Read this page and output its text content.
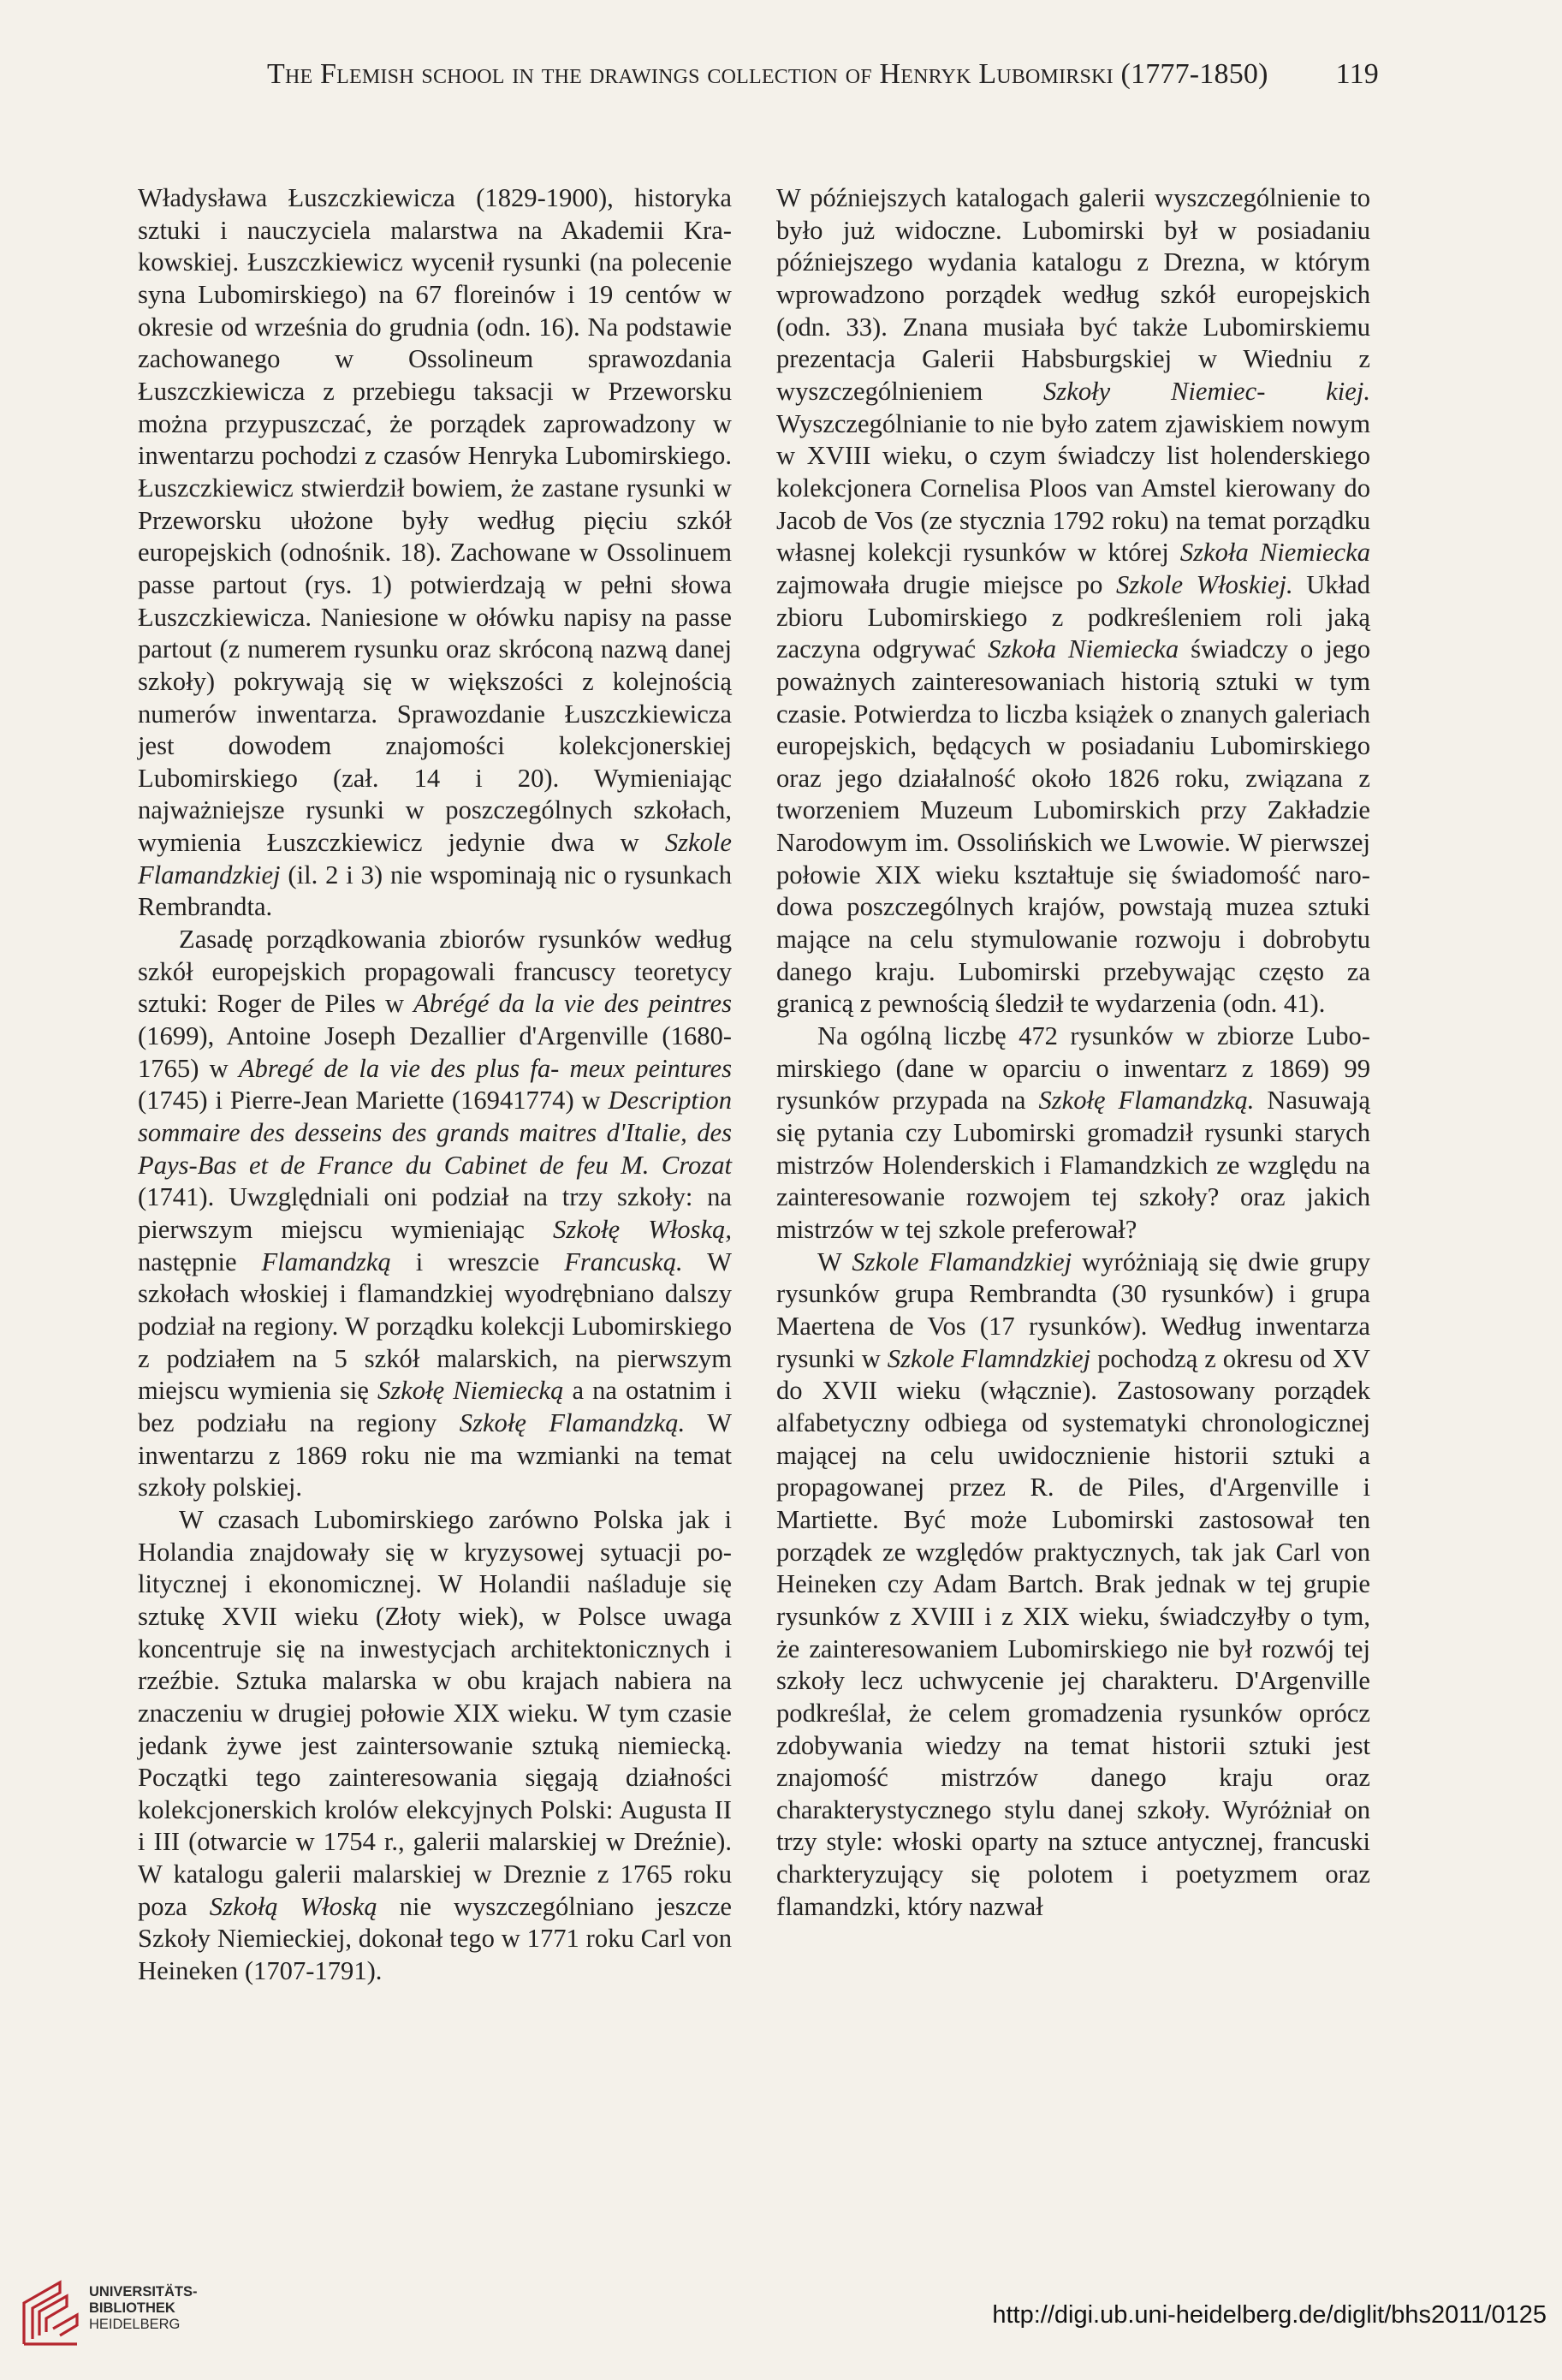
The Flemish school in the drawings collection of Henryk Lubomirski (1777-1850) 119

Władysława Łuszczkiewicza (1829-1900), historyka sztuki i nauczyciela malarstwa na Akademii Krakowskiej. Łuszczkiewicz wycenił rysunki (na polecenie syna Lubomirskiego) na 67 floreinów i 19 centów w okresie od września do grudnia (odn. 16). Na podstawie zachowanego w Ossolineum sprawozdania Łuszczkiewicza z przebiegu taksacji w Przeworsku można przypuszczać, że porządek zaprowadzony w inwentarzu pochodzi z czasów Henryka Lubomirskiego. Łuszczkiewicz stwierdził bowiem, że zastane rysunki w Przeworsku ułożone były według pięciu szkół europejskich (odnośnik. 18). Zachowane w Ossolinuem passe partout (rys. 1) potwierdzają w pełni słowa Łuszczkiewicza. Naniesione w ołówku napisy na passe partout (z numerem rysunku oraz skróconą nazwą danej szkoły) pokrywają się w większości z kolejnością numerów inwentarza. Sprawozdanie Łuszczkiewicza jest dowodem znajomości kolekcjonerskiej Lubomirskiego (zał. 14 i 20). Wymieniając najważniejsze rysunki w poszczególnych szkołach, wymienia Łuszczkiewicz jedynie dwa w Szkole Flamandzkiej (il. 2 i 3) nie wspominają nic o rysunkach Rembrandta.

Zasadę porządkowania zbiorów rysunków według szkół europejskich propagowali francuscy teoretycy sztuki: Roger de Piles w Abrégé da la vie des peintres (1699), Antoine Joseph Dezallier d'Argenville (1680-1765) w Abregé de la vie des plus fa- meux peintures (1745) i Pierre-Jean Mariette (16941774) w Description sommaire des desseins des grands maitres d'Italie, des Pays-Bas et de France du Cabinet de feu M. Crozat (1741). Uwzględniali oni podział na trzy szkoły: na pierwszym miejscu wymieniając Szkołę Włoską, następnie Flamandzką i wreszcie Francuską. W szkołach włoskiej i flamandzkiej wyodrębniano dalszy podział na regiony. W porządku kolekcji Lubomirskiego z podziałem na 5 szkół malarskich, na pierwszym miejscu wymienia się Szkołę Niemiecką a na ostatnim i bez podziału na regiony Szkołę Flamandzką. W inwentarzu z 1869 roku nie ma wzmianki na temat szkoły polskiej.

W czasach Lubomirskiego zarówno Polska jak i Holandia znajdowały się w kryzysowej sytuacji politycznej i ekonomicznej. W Holandii naśladuje się sztukę XVII wieku (Złoty wiek), w Polsce uwaga koncentruje się na inwestycjach architektonicznych i rzeźbie. Sztuka malarska w obu krajach nabiera na znaczeniu w drugiej połowie XIX wieku. W tym czasie jedank żywe jest zaintersowanie sztuką niemiecką. Początki tego zainteresowania sięgają działności kolekcjonerskich krolów elekcyjnych Polski: Augusta II i III (otwarcie w 1754 r., galerii malarskiej w Dreźnie). W katalogu galerii malarskiej w Dreznie z 1765 roku poza Szkołą Włoską nie wyszczególniano jeszcze Szkoły Niemieckiej, dokonał tego w 1771 roku Carl von Heineken (1707-1791).

W późniejszych katalogach galerii wyszczególnienie to było już widoczne. Lubomirski był w posiadaniu późniejszego wydania katalogu z Drezna, w którym wprowadzono porządek według szkół europejskich (odn. 33). Znana musiała być także Lubomirskiemu prezentacja Galerii Habsburgskiej w Wiedniu z wyszczególnieniem Szkoły Niemiec- kiej. Wyszczególnianie to nie było zatem zjawiskiem nowym w XVIII wieku, o czym świadczy list holenderskiego kolekcjonera Cornelisa Ploos van Amstel kierowany do Jacob de Vos (ze stycznia 1792 roku) na temat porządku własnej kolekcji rysunków w której Szkoła Niemiecka zajmowała drugie miejsce po Szkole Włoskiej. Układ zbioru Lubomirskiego z podkreśleniem roli jaką zaczyna odgrywać Szkoła Niemiecka świadczy o jego poważnych zainteresowaniach historią sztuki w tym czasie. Potwierdza to liczba książek o znanych galeriach europejskich, będących w posiadaniu Lubomirskiego oraz jego działalność około 1826 roku, związana z tworzeniem Muzeum Lubomirskich przy Zakładzie Narodowym im. Ossolińskich we Lwowie. W pierwszej połowie XIX wieku kształtuje się świadomość narodowa poszczególnych krajów, powstają muzea sztuki mające na celu stymulowanie rozwoju i dobrobytu danego kraju. Lubomirski przebywając często za granicą z pewnością śledził te wydarzenia (odn. 41).

Na ogólną liczbę 472 rysunków w zbiorze Lubomirskiego (dane w oparciu o inwentarz z 1869) 99 rysunków przypada na Szkołę Flamandzką. Nasuwają się pytania czy Lubomirski gromadził rysunki starych mistrzów Holenderskich i Flamandzkich ze względu na zainteresowanie rozwojem tej szkoły? oraz jakich mistrzów w tej szkole preferował?

W Szkole Flamandzkiej wyróżniają się dwie grupy rysunków grupa Rembrandta (30 rysunków) i grupa Maertena de Vos (17 rysunków). Według inwentarza rysunki w Szkole Flamndzkiej pochodzą z okresu od XV do XVII wieku (włącznie). Zastosowany porządek alfabetyczny odbiega od systematyki chronologicznej mającej na celu uwidocznienie historii sztuki a propagowanej przez R. de Piles, d'Argenville i Martiette. Być może Lubomirski zastosował ten porządek ze względów praktycznych, tak jak Carl von Heineken czy Adam Bartch. Brak jednak w tej grupie rysunków z XVIII i z XIX wieku, świadczyłby o tym, że zainteresowaniem Lubomirskiego nie był rozwój tej szkoły lecz uchwycenie jej charakteru. D'Argenville podkreślał, że celem gromadzenia rysunków oprócz zdobywania wiedzy na temat historii sztuki jest znajomość mistrzów danego kraju oraz charakterystycznego stylu danej szkoły. Wyróżniał on trzy style: włoski oparty na sztuce antycznej, francuski charkteryzujący się polotem i poetyzmem oraz flamandzki, który nazwał

UNIVERSITÄTS-
BIBLIOTHEK
HEIDELBERG	http://digi.ub.uni-heidelberg.de/diglit/bhs2011/0125
